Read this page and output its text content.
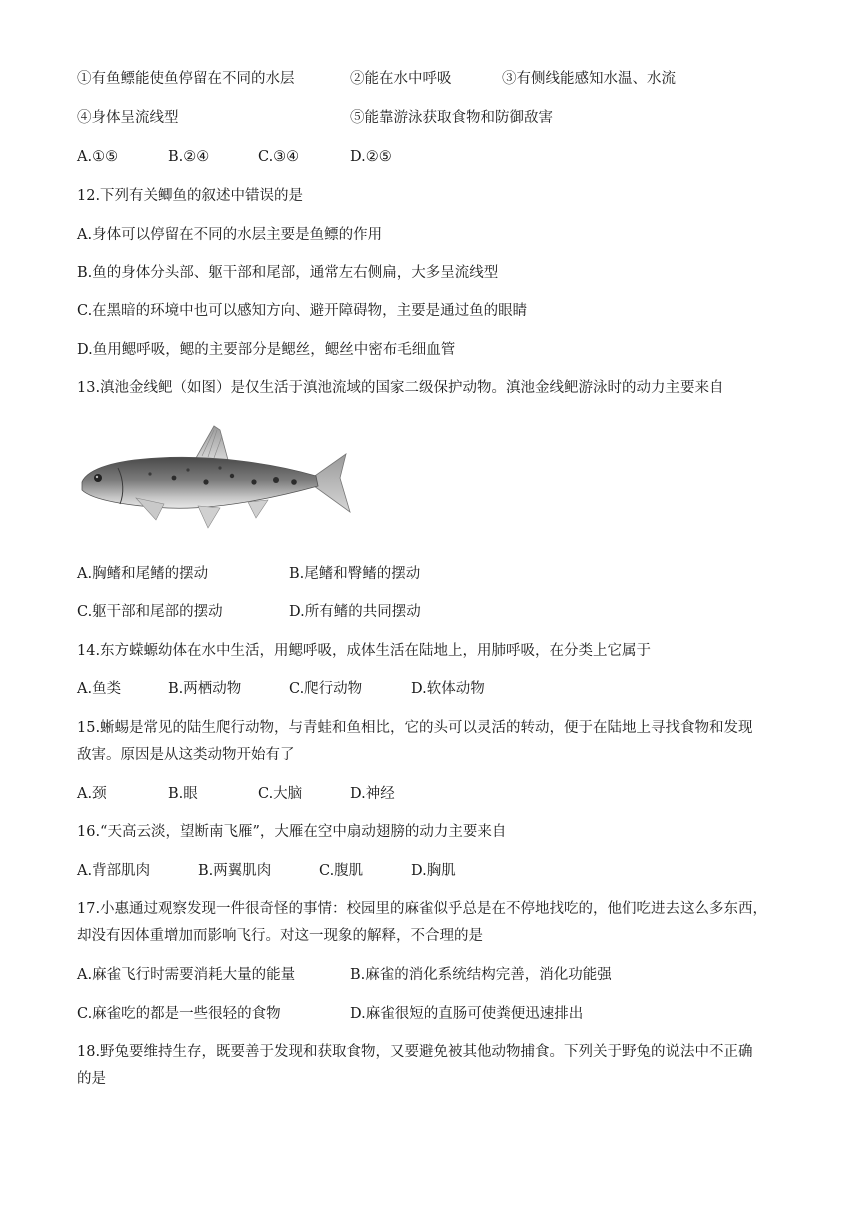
①有鱼鳔能使鱼停留在不同的水层	②能在水中呼吸	③有侧线能感知水温、水流
④身体呈流线型	⑤能靠游泳获取食物和防御敌害
A.①⑤	B.②④	C.③④	D.②⑤
12.下列有关鲫鱼的叙述中错误的是
A.身体可以停留在不同的水层主要是鱼鳔的作用
B.鱼的身体分头部、躯干部和尾部，通常左右侧扁，大多呈流线型
C.在黑暗的环境中也可以感知方向、避开障碍物，主要是通过鱼的眼睛
D.鱼用鳃呼吸，鳃的主要部分是鳃丝，鳃丝中密布毛细血管
13.滇池金线鲃（如图）是仅生活于滇池流域的国家二级保护动物。滇池金线鲃游泳时的动力主要来自
A.胸鳍和尾鳍的摆动	B.尾鳍和臀鳍的摆动
C.躯干部和尾部的摆动	D.所有鳍的共同摆动
14.东方蝾螈幼体在水中生活，用鳃呼吸，成体生活在陆地上，用肺呼吸，在分类上它属于
A.鱼类	B.两栖动物	C.爬行动物	D.软体动物
15.蜥蜴是常见的陆生爬行动物，与青蛙和鱼相比，它的头可以灵活的转动，便于在陆地上寻找食物和发现
敌害。原因是从这类动物开始有了
A.颈	B.眼	C.大脑	D.神经
16.“天高云淡，望断南飞雁”，大雁在空中扇动翅膀的动力主要来自
A.背部肌肉	B.两翼肌肉	C.腹肌	D.胸肌
17.小惠通过观察发现一件很奇怪的事情：校园里的麻雀似乎总是在不停地找吃的，他们吃进去这么多东西，
却没有因体重增加而影响飞行。对这一现象的解释，不合理的是
A.麻雀飞行时需要消耗大量的能量	B.麻雀的消化系统结构完善，消化功能强
C.麻雀吃的都是一些很轻的食物	D.麻雀很短的直肠可使粪便迅速排出
18.野兔要维持生存，既要善于发现和获取食物，又要避免被其他动物捕食。下列关于野兔的说法中不正确
的是
